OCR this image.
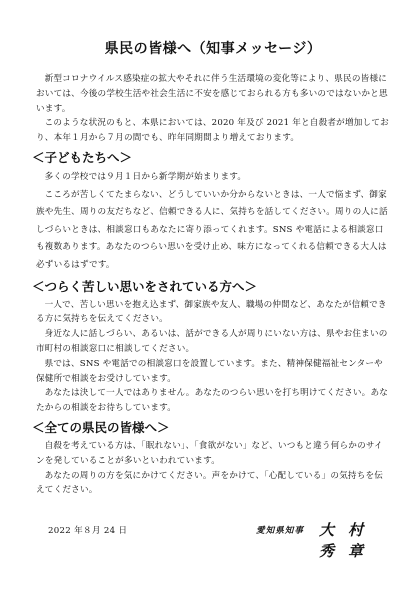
県民の皆様へ（知事メッセージ）

新型コロナウイルス感染症の拡大やそれに伴う生活環境の変化等により、県民の皆様においては、今後の学校生活や社会生活に不安を感じておられる方も多いのではないかと思います。

このような状況のもと、本県においては、2020 年及び 2021 年と自殺者が増加しており、本年１月から７月の間でも、昨年同期間より増えております。

＜子どもたちへ＞

多くの学校では９月１日から新学期が始まります。

こころが苦しくてたまらない、どうしていいか分からないときは、一人で悩まず、御家族や先生、周りの友だちなど、信頼できる人に、気持ちを話してください。周りの人に話しづらいときは、相談窓口もあなたに寄り添ってくれます。SNS や電話による相談窓口も複数あります。あなたのつらい思いを受け止め、味方になってくれる信頼できる大人は必ずいるはずです。

＜つらく苦しい思いをされている方へ＞

一人で、苦しい思いを抱え込まず、御家族や友人、職場の仲間など、あなたが信頼できる方に気持ちを伝えてください。

身近な人に話しづらい、あるいは、話ができる人が周りにいない方は、県やお住まいの市町村の相談窓口に相談してください。

県では、SNS や電話での相談窓口を設置しています。また、精神保健福祉センターや保健所で相談をお受けしています。

あなたは決して一人ではありません。あなたのつらい思いを打ち明けてください。あなたからの相談をお待ちしています。

＜全ての県民の皆様へ＞

自殺を考えている方は、「眠れない」、「食欲がない」など、いつもと違う何らかのサインを発していることが多いといわれています。

あなたの周りの方を気にかけてください。声をかけて、「心配している」の気持ちを伝えてください。

2022 年８月 24 日	愛知県知事 大村 秀章
